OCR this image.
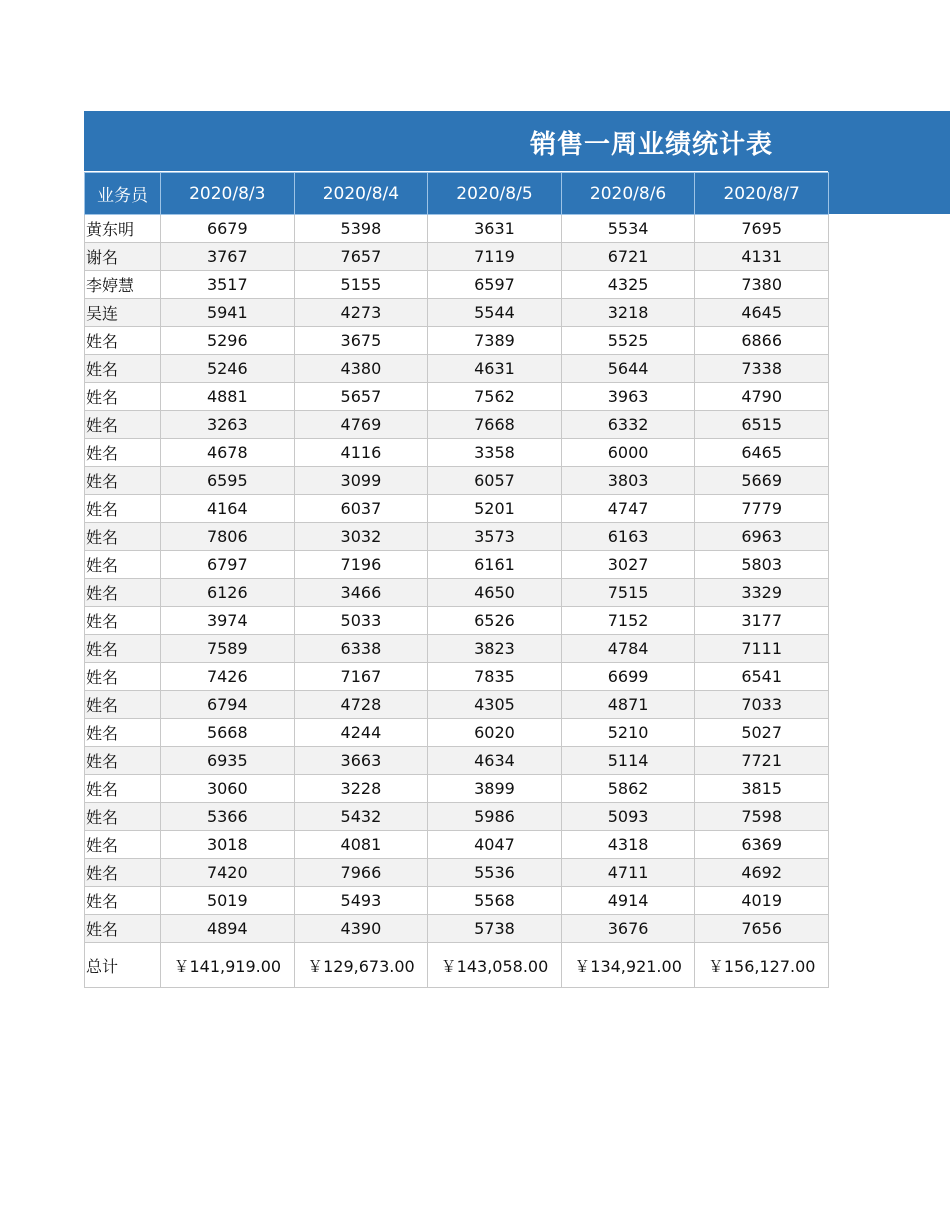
销售一周业绩统计表
业务员	2020/8/3	2020/8/4	2020/8/5	2020/8/6	2020/8/7
黄东明	6679	5398	3631	5534	7695
谢名	3767	7657	7119	6721	4131
李婷慧	3517	5155	6597	4325	7380
吴连	5941	4273	5544	3218	4645
姓名	5296	3675	7389	5525	6866
姓名	5246	4380	4631	5644	7338
姓名	4881	5657	7562	3963	4790
姓名	3263	4769	7668	6332	6515
姓名	4678	4116	3358	6000	6465
姓名	6595	3099	6057	3803	5669
姓名	4164	6037	5201	4747	7779
姓名	7806	3032	3573	6163	6963
姓名	6797	7196	6161	3027	5803
姓名	6126	3466	4650	7515	3329
姓名	3974	5033	6526	7152	3177
姓名	7589	6338	3823	4784	7111
姓名	7426	7167	7835	6699	6541
姓名	6794	4728	4305	4871	7033
姓名	5668	4244	6020	5210	5027
姓名	6935	3663	4634	5114	7721
姓名	3060	3228	3899	5862	3815
姓名	5366	5432	5986	5093	7598
姓名	3018	4081	4047	4318	6369
姓名	7420	7966	5536	4711	4692
姓名	5019	5493	5568	4914	4019
姓名	4894	4390	5738	3676	7656
总计	￥141,919.00	￥129,673.00	￥143,058.00	￥134,921.00	￥156,127.00
